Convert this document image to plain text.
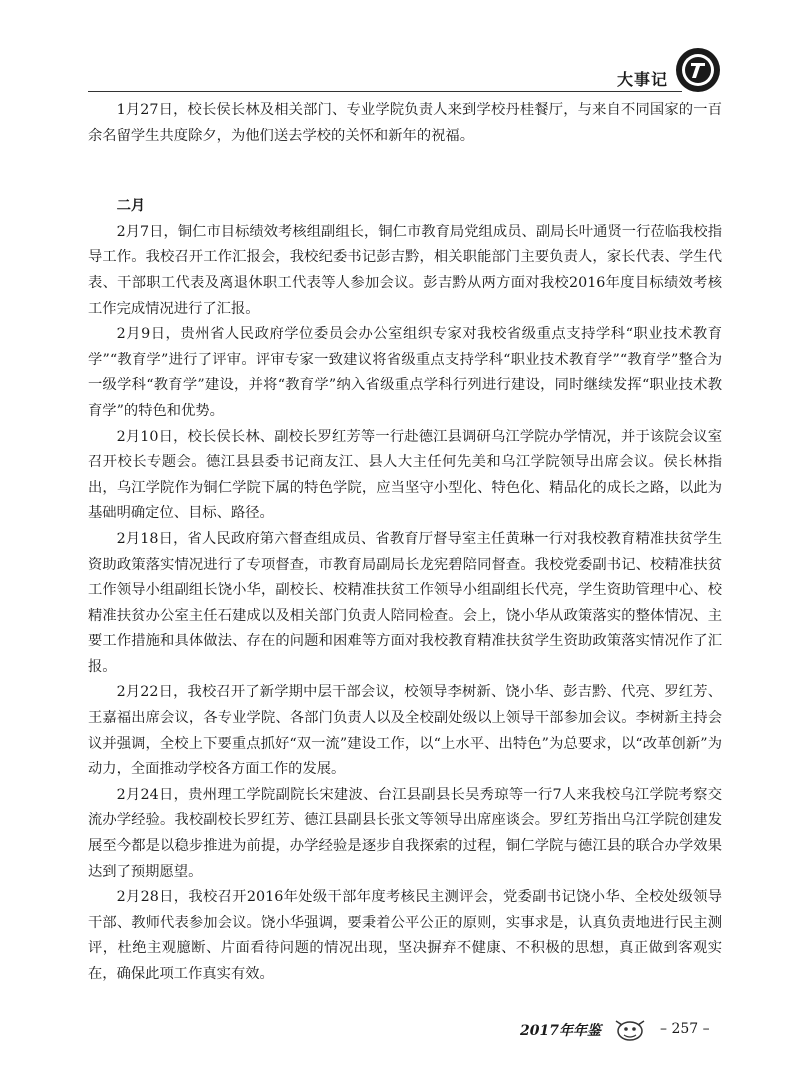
大事记

1月27日，校长侯长林及相关部门、专业学院负责人来到学校丹桂餐厅，与来自不同国家的一百余名留学生共度除夕，为他们送去学校的关怀和新年的祝福。

二月

2月7日，铜仁市目标绩效考核组副组长，铜仁市教育局党组成员、副局长叶通贤一行莅临我校指导工作。我校召开工作汇报会，我校纪委书记彭吉黔，相关职能部门主要负责人，家长代表、学生代表、干部职工代表及离退休职工代表等人参加会议。彭吉黔从两方面对我校2016年度目标绩效考核工作完成情况进行了汇报。

2月9日，贵州省人民政府学位委员会办公室组织专家对我校省级重点支持学科“职业技术教育学”“教育学”进行了评审。评审专家一致建议将省级重点支持学科“职业技术教育学”“教育学”整合为一级学科“教育学”建设，并将“教育学”纳入省级重点学科行列进行建设，同时继续发挥“职业技术教育学”的特色和优势。

2月10日，校长侯长林、副校长罗红芳等一行赴德江县调研乌江学院办学情况，并于该院会议室召开校长专题会。德江县县委书记商友江、县人大主任何先美和乌江学院领导出席会议。侯长林指出，乌江学院作为铜仁学院下属的特色学院，应当坚守小型化、特色化、精品化的成长之路，以此为基础明确定位、目标、路径。

2月18日，省人民政府第六督查组成员、省教育厅督导室主任黄琳一行对我校教育精准扶贫学生资助政策落实情况进行了专项督查，市教育局副局长龙宪碧陪同督查。我校党委副书记、校精准扶贫工作领导小组副组长饶小华，副校长、校精准扶贫工作领导小组副组长代亮，学生资助管理中心、校精准扶贫办公室主任石建成以及相关部门负责人陪同检查。会上，饶小华从政策落实的整体情况、主要工作措施和具体做法、存在的问题和困难等方面对我校教育精准扶贫学生资助政策落实情况作了汇报。

2月22日，我校召开了新学期中层干部会议，校领导李树新、饶小华、彭吉黔、代亮、罗红芳、王嘉福出席会议，各专业学院、各部门负责人以及全校副处级以上领导干部参加会议。李树新主持会议并强调，全校上下要重点抓好“双一流”建设工作，以“上水平、出特色”为总要求，以“改革创新”为动力，全面推动学校各方面工作的发展。

2月24日，贵州理工学院副院长宋建波、台江县副县长吴秀琼等一行7人来我校乌江学院考察交流办学经验。我校副校长罗红芳、德江县副县长张文等领导出席座谈会。罗红芳指出乌江学院创建发展至今都是以稳步推进为前提，办学经验是逐步自我探索的过程，铜仁学院与德江县的联合办学效果达到了预期愿望。

2月28日，我校召开2016年处级干部年度考核民主测评会，党委副书记饶小华、全校处级领导干部、教师代表参加会议。饶小华强调，要秉着公平公正的原则，实事求是，认真负责地进行民主测评，杜绝主观臆断、片面看待问题的情况出现，坚决摒弃不健康、不积极的思想，真正做到客观实在，确保此项工作真实有效。

2017年年鉴	– 257 –
